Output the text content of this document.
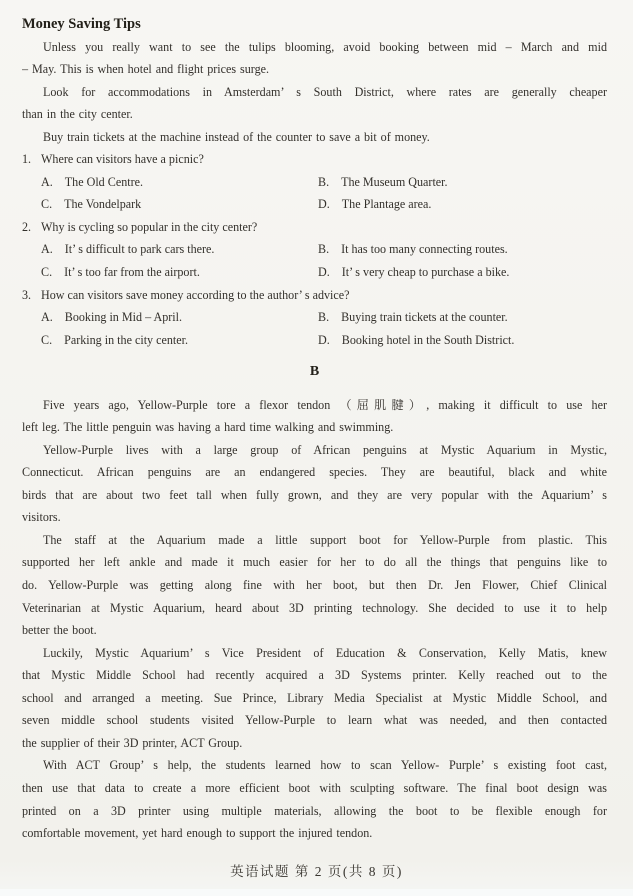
Money Saving Tips
Unless you really want to see the tulips blooming, avoid booking between mid – March and mid
– May. This is when hotel and flight prices surge.
Look for accommodations in Amsterdam’ s South District, where rates are generally cheaper
than in the city center.
Buy train tickets at the machine instead of the counter to save a bit of money.
1. Where can visitors have a picnic?
A. The Old Centre.	B. The Museum Quarter.
C. The Vondelpark	D. The Plantage area.
2. Why is cycling so popular in the city center?
A. It’ s difficult to park cars there.	B. It has too many connecting routes.
C. It’ s too far from the airport.	D. It’ s very cheap to purchase a bike.
3. How can visitors save money according to the author’ s advice?
A. Booking in Mid – April.	B. Buying train tickets at the counter.
C. Parking in the city center.	D. Booking hotel in the South District.
B
Five years ago, Yellow-Purple tore a flexor tendon （屈肌腱）, making it difficult to use her
left leg. The little penguin was having a hard time walking and swimming.
Yellow-Purple lives with a large group of African penguins at Mystic Aquarium in Mystic,
Connecticut. African penguins are an endangered species. They are beautiful, black and white
birds that are about two feet tall when fully grown, and they are very popular with the Aquarium’ s
visitors.
The staff at the Aquarium made a little support boot for Yellow-Purple from plastic. This
supported her left ankle and made it much easier for her to do all the things that penguins like to
do. Yellow-Purple was getting along fine with her boot, but then Dr. Jen Flower, Chief Clinical
Veterinarian at Mystic Aquarium, heard about 3D printing technology. She decided to use it to help
better the boot.
Luckily, Mystic Aquarium’ s Vice President of Education & Conservation, Kelly Matis, knew
that Mystic Middle School had recently acquired a 3D Systems printer. Kelly reached out to the
school and arranged a meeting. Sue Prince, Library Media Specialist at Mystic Middle School, and
seven middle school students visited Yellow-Purple to learn what was needed, and then contacted
the supplier of their 3D printer, ACT Group.
With ACT Group’ s help, the students learned how to scan Yellow- Purple’ s existing foot cast,
then use that data to create a more efficient boot with sculpting software. The final boot design was
printed on a 3D printer using multiple materials, allowing the boot to be flexible enough for
comfortable movement, yet hard enough to support the injured tendon.
英语试题 第 2 页(共 8 页)
